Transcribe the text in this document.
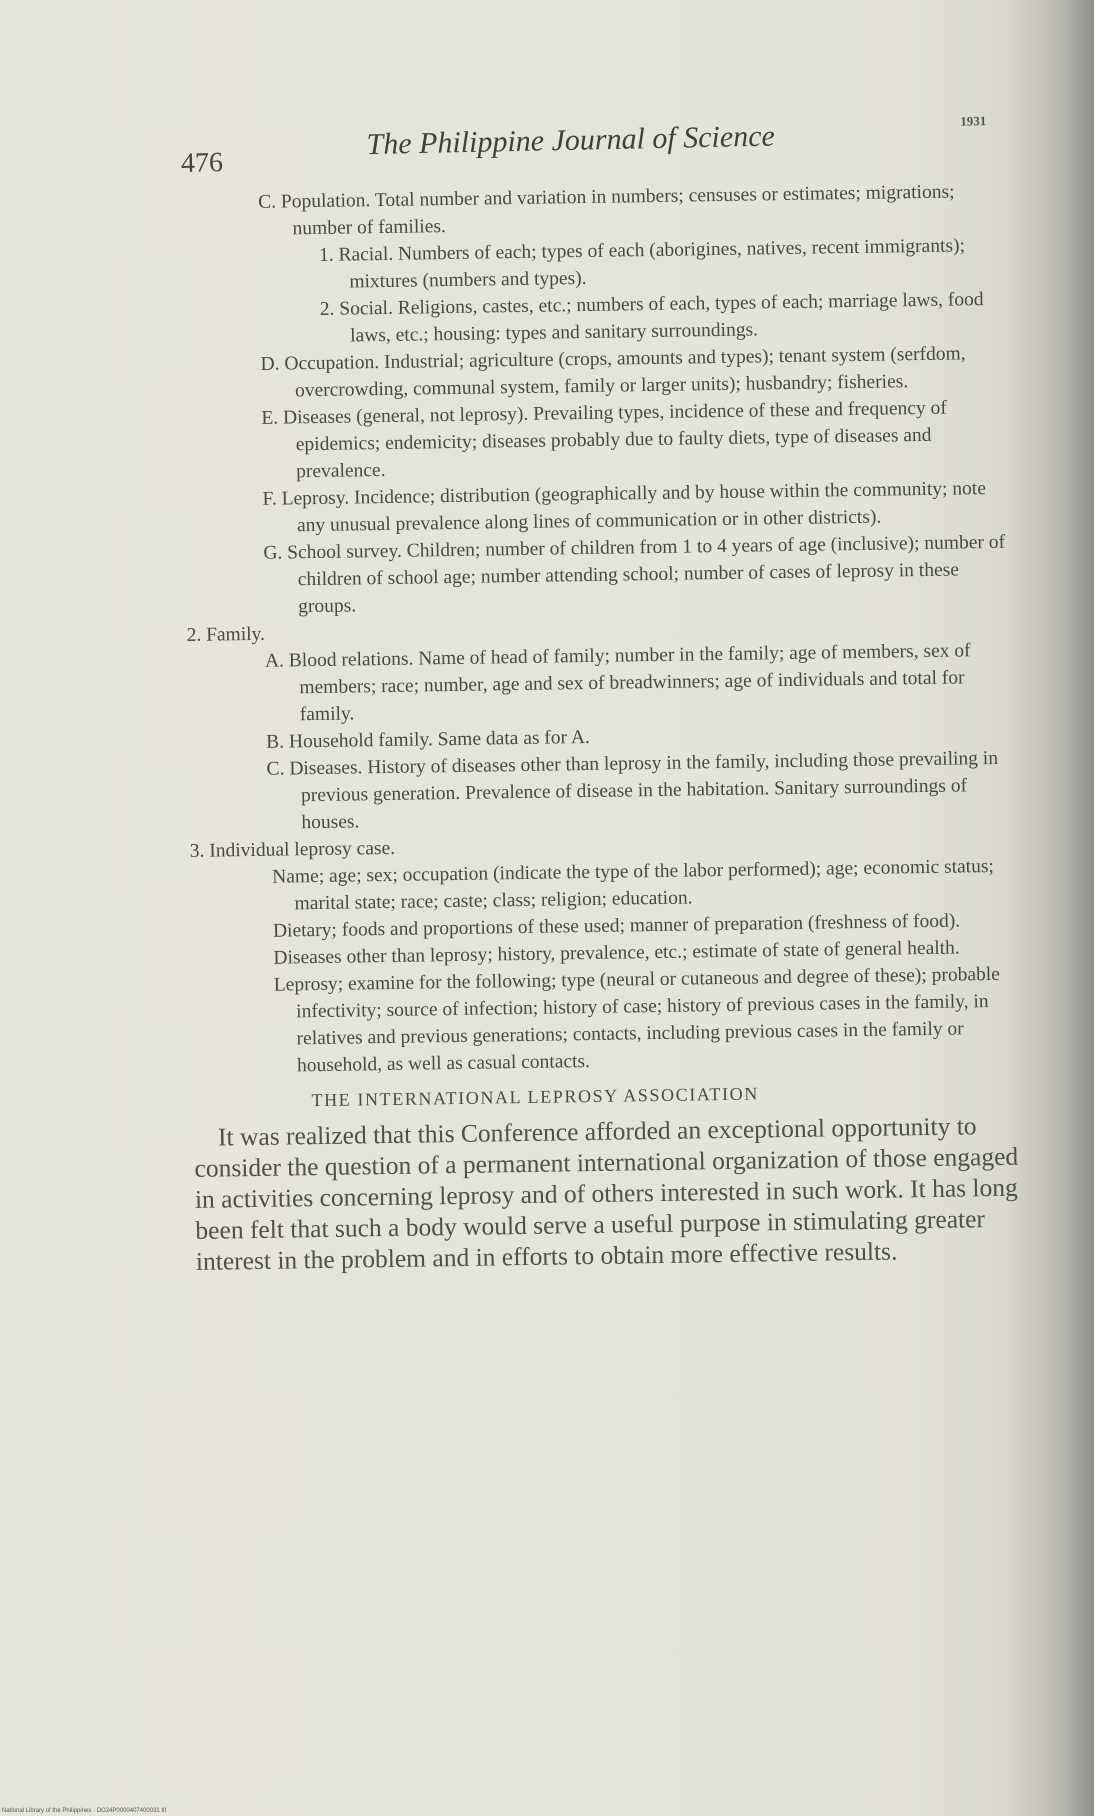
476
The Philippine Journal of Science	1931

C. Population. Total number and variation in numbers; censuses or estimates; migrations; number of families.

1. Racial. Numbers of each; types of each (aborigines, natives, recent immigrants); mixtures (numbers and types).

2. Social. Religions, castes, etc.; numbers of each, types of each; marriage laws, food laws, etc.; housing: types and sanitary surroundings.

D. Occupation. Industrial; agriculture (crops, amounts and types); tenant system (serfdom, overcrowding, communal system, family or larger units); husbandry; fisheries.

E. Diseases (general, not leprosy). Prevailing types, incidence of these and frequency of epidemics; endemicity; diseases probably due to faulty diets, type of diseases and prevalence.

F. Leprosy. Incidence; distribution (geographically and by house within the community; note any unusual prevalence along lines of communication or in other districts).

G. School survey. Children; number of children from 1 to 4 years of age (inclusive); number of children of school age; number attending school; number of cases of leprosy in these groups.

2. Family.

A. Blood relations. Name of head of family; number in the family; age of members, sex of members; race; number, age and sex of breadwinners; age of individuals and total for family.

B. Household family. Same data as for A.

C. Diseases. History of diseases other than leprosy in the family, including those prevailing in previous generation. Prevalence of disease in the habitation. Sanitary surroundings of houses.

3. Individual leprosy case.

Name; age; sex; occupation (indicate the type of the labor performed); age; economic status; marital state; race; caste; class; religion; education.

Dietary; foods and proportions of these used; manner of preparation (freshness of food).

Diseases other than leprosy; history, prevalence, etc.; estimate of state of general health.

Leprosy; examine for the following; type (neural or cutaneous and degree of these); probable infectivity; source of infection; history of case; history of previous cases in the family, in relatives and previous generations; contacts, including previous cases in the family or household, as well as casual contacts.

THE INTERNATIONAL LEPROSY ASSOCIATION

It was realized that this Conference afforded an exceptional opportunity to consider the question of a permanent international organization of those engaged in activities concerning leprosy and of others interested in such work. It has long been felt that such a body would serve a useful purpose in stimulating greater interest in the problem and in efforts to obtain more effective results.

National Library of the Philippines · DO24P0000407400031 tif
